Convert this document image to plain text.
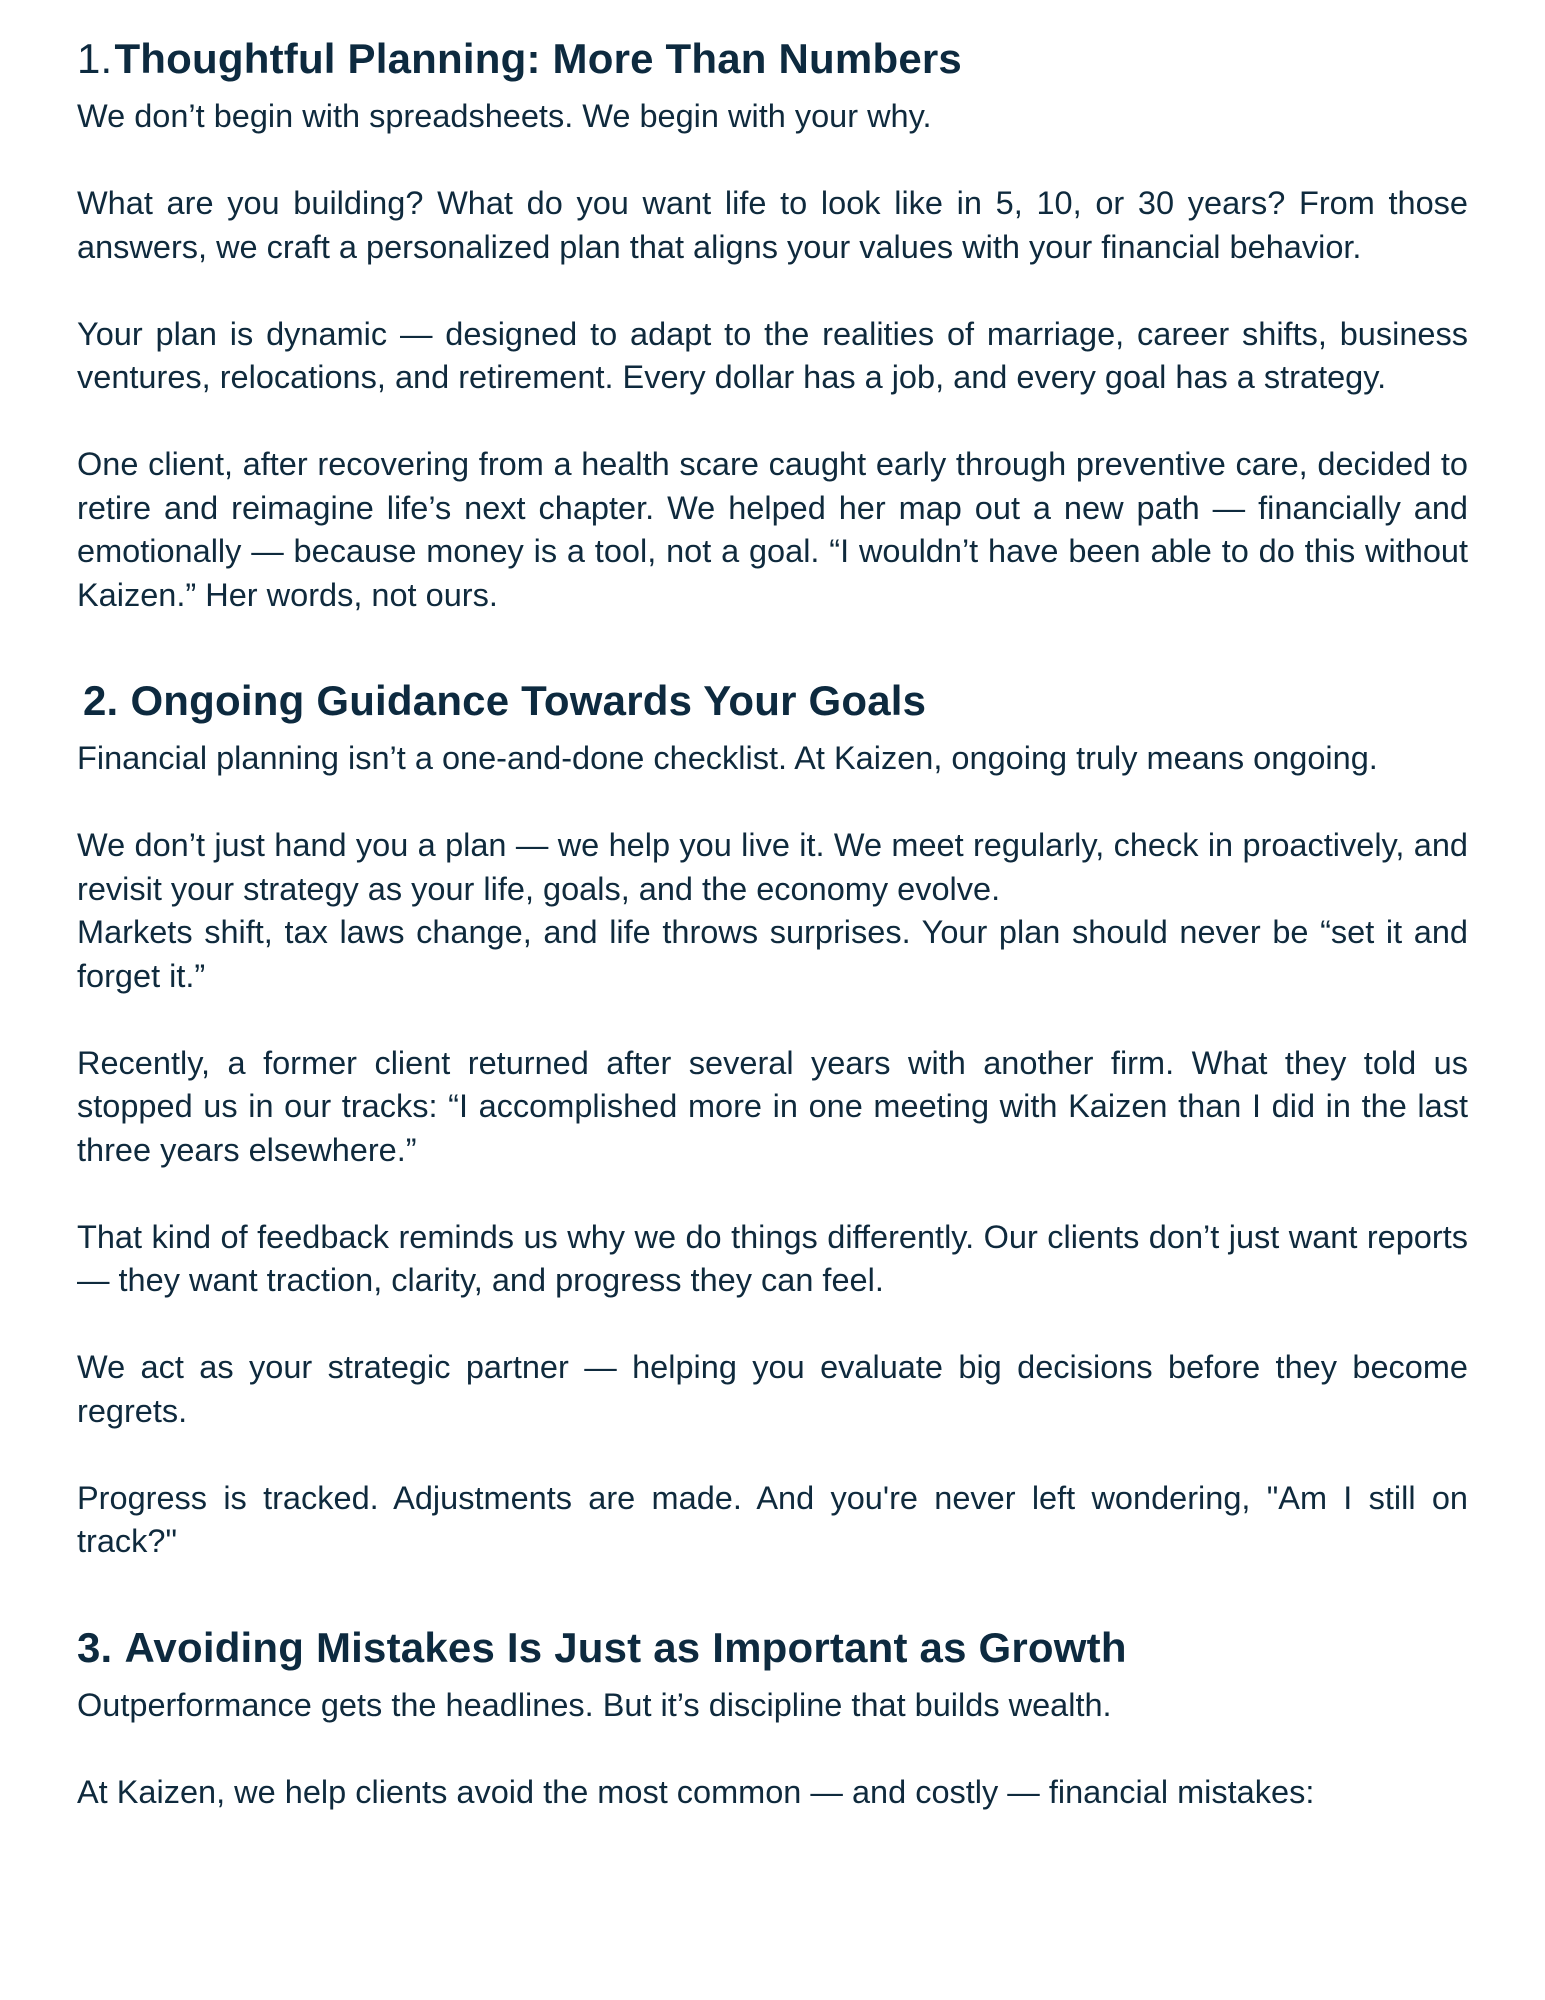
1.Thoughtful Planning: More Than Numbers

We don’t begin with spreadsheets. We begin with your why.

What are you building? What do you want life to look like in 5, 10, or 30 years? From those answers, we craft a personalized plan that aligns your values with your financial behavior.

Your plan is dynamic — designed to adapt to the realities of marriage, career shifts, business ventures, relocations, and retirement. Every dollar has a job, and every goal has a strategy.

One client, after recovering from a health scare caught early through preventive care, decided to retire and reimagine life’s next chapter. We helped her map out a new path — financially and emotionally — because money is a tool, not a goal. “I wouldn’t have been able to do this without Kaizen.” Her words, not ours.

2. Ongoing Guidance Towards Your Goals

Financial planning isn’t a one-and-done checklist. At Kaizen, ongoing truly means ongoing.

We don’t just hand you a plan — we help you live it. We meet regularly, check in proactively, and revisit your strategy as your life, goals, and the economy evolve.

Markets shift, tax laws change, and life throws surprises. Your plan should never be “set it and forget it.”

Recently, a former client returned after several years with another firm. What they told us stopped us in our tracks: “I accomplished more in one meeting with Kaizen than I did in the last three years elsewhere.”

That kind of feedback reminds us why we do things differently. Our clients don’t just want reports — they want traction, clarity, and progress they can feel.

We act as your strategic partner — helping you evaluate big decisions before they become regrets.

Progress is tracked. Adjustments are made. And you're never left wondering, "Am I still on track?"

3. Avoiding Mistakes Is Just as Important as Growth

Outperformance gets the headlines. But it’s discipline that builds wealth.

At Kaizen, we help clients avoid the most common — and costly — financial mistakes:
